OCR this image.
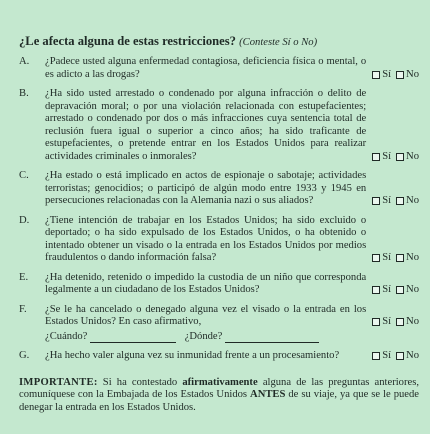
¿Le afecta alguna de estas restricciones? (Conteste Sí o No)
A.	¿Padece usted alguna enfermedad contagiosa, deficiencia física o mental, o es adicto a las drogas?	Sí No
B.	¿Ha sido usted arrestado o condenado por alguna infracción o delito de depravación moral; o por una violación relacionada con estupefacientes; arrestado o condenado por dos o más infracciones cuya sentencia total de reclusión fuera igual o superior a cinco años; ha sido traficante de estupefacientes, o pretende entrar en los Estados Unidos para realizar actividades criminales o inmorales?	Sí No
C.	¿Ha estado o está implicado en actos de espionaje o sabotaje; actividades terroristas; genocidios; o participó de algún modo entre 1933 y 1945 en persecuciones relacionadas con la Alemania nazi o sus aliados?	Sí No
D.	¿Tiene intención de trabajar en los Estados Unidos; ha sido excluido o deportado; o ha sido expulsado de los Estados Unidos, o ha obtenido o intentado obtener un visado o la entrada en los Estados Unidos por medios fraudulentos o dando información falsa?	Sí No
E.	¿Ha detenido, retenido o impedido la custodia de un niño que corresponda legalmente a un ciudadano de los Estados Unidos?	Sí No
F.	¿Se le ha cancelado o denegado alguna vez el visado o la entrada en los Estados Unidos? En caso afirmativo,	Sí No
¿Cuándo?	¿Dónde?
G.	¿Ha hecho valer alguna vez su inmunidad frente a un procesamiento?	Sí No
IMPORTANTE: Si ha contestado afirmativamente alguna de las preguntas anteriores, comuníquese con la Embajada de los Estados Unidos ANTES de su viaje, ya que se le puede denegar la entrada en los Estados Unidos.
